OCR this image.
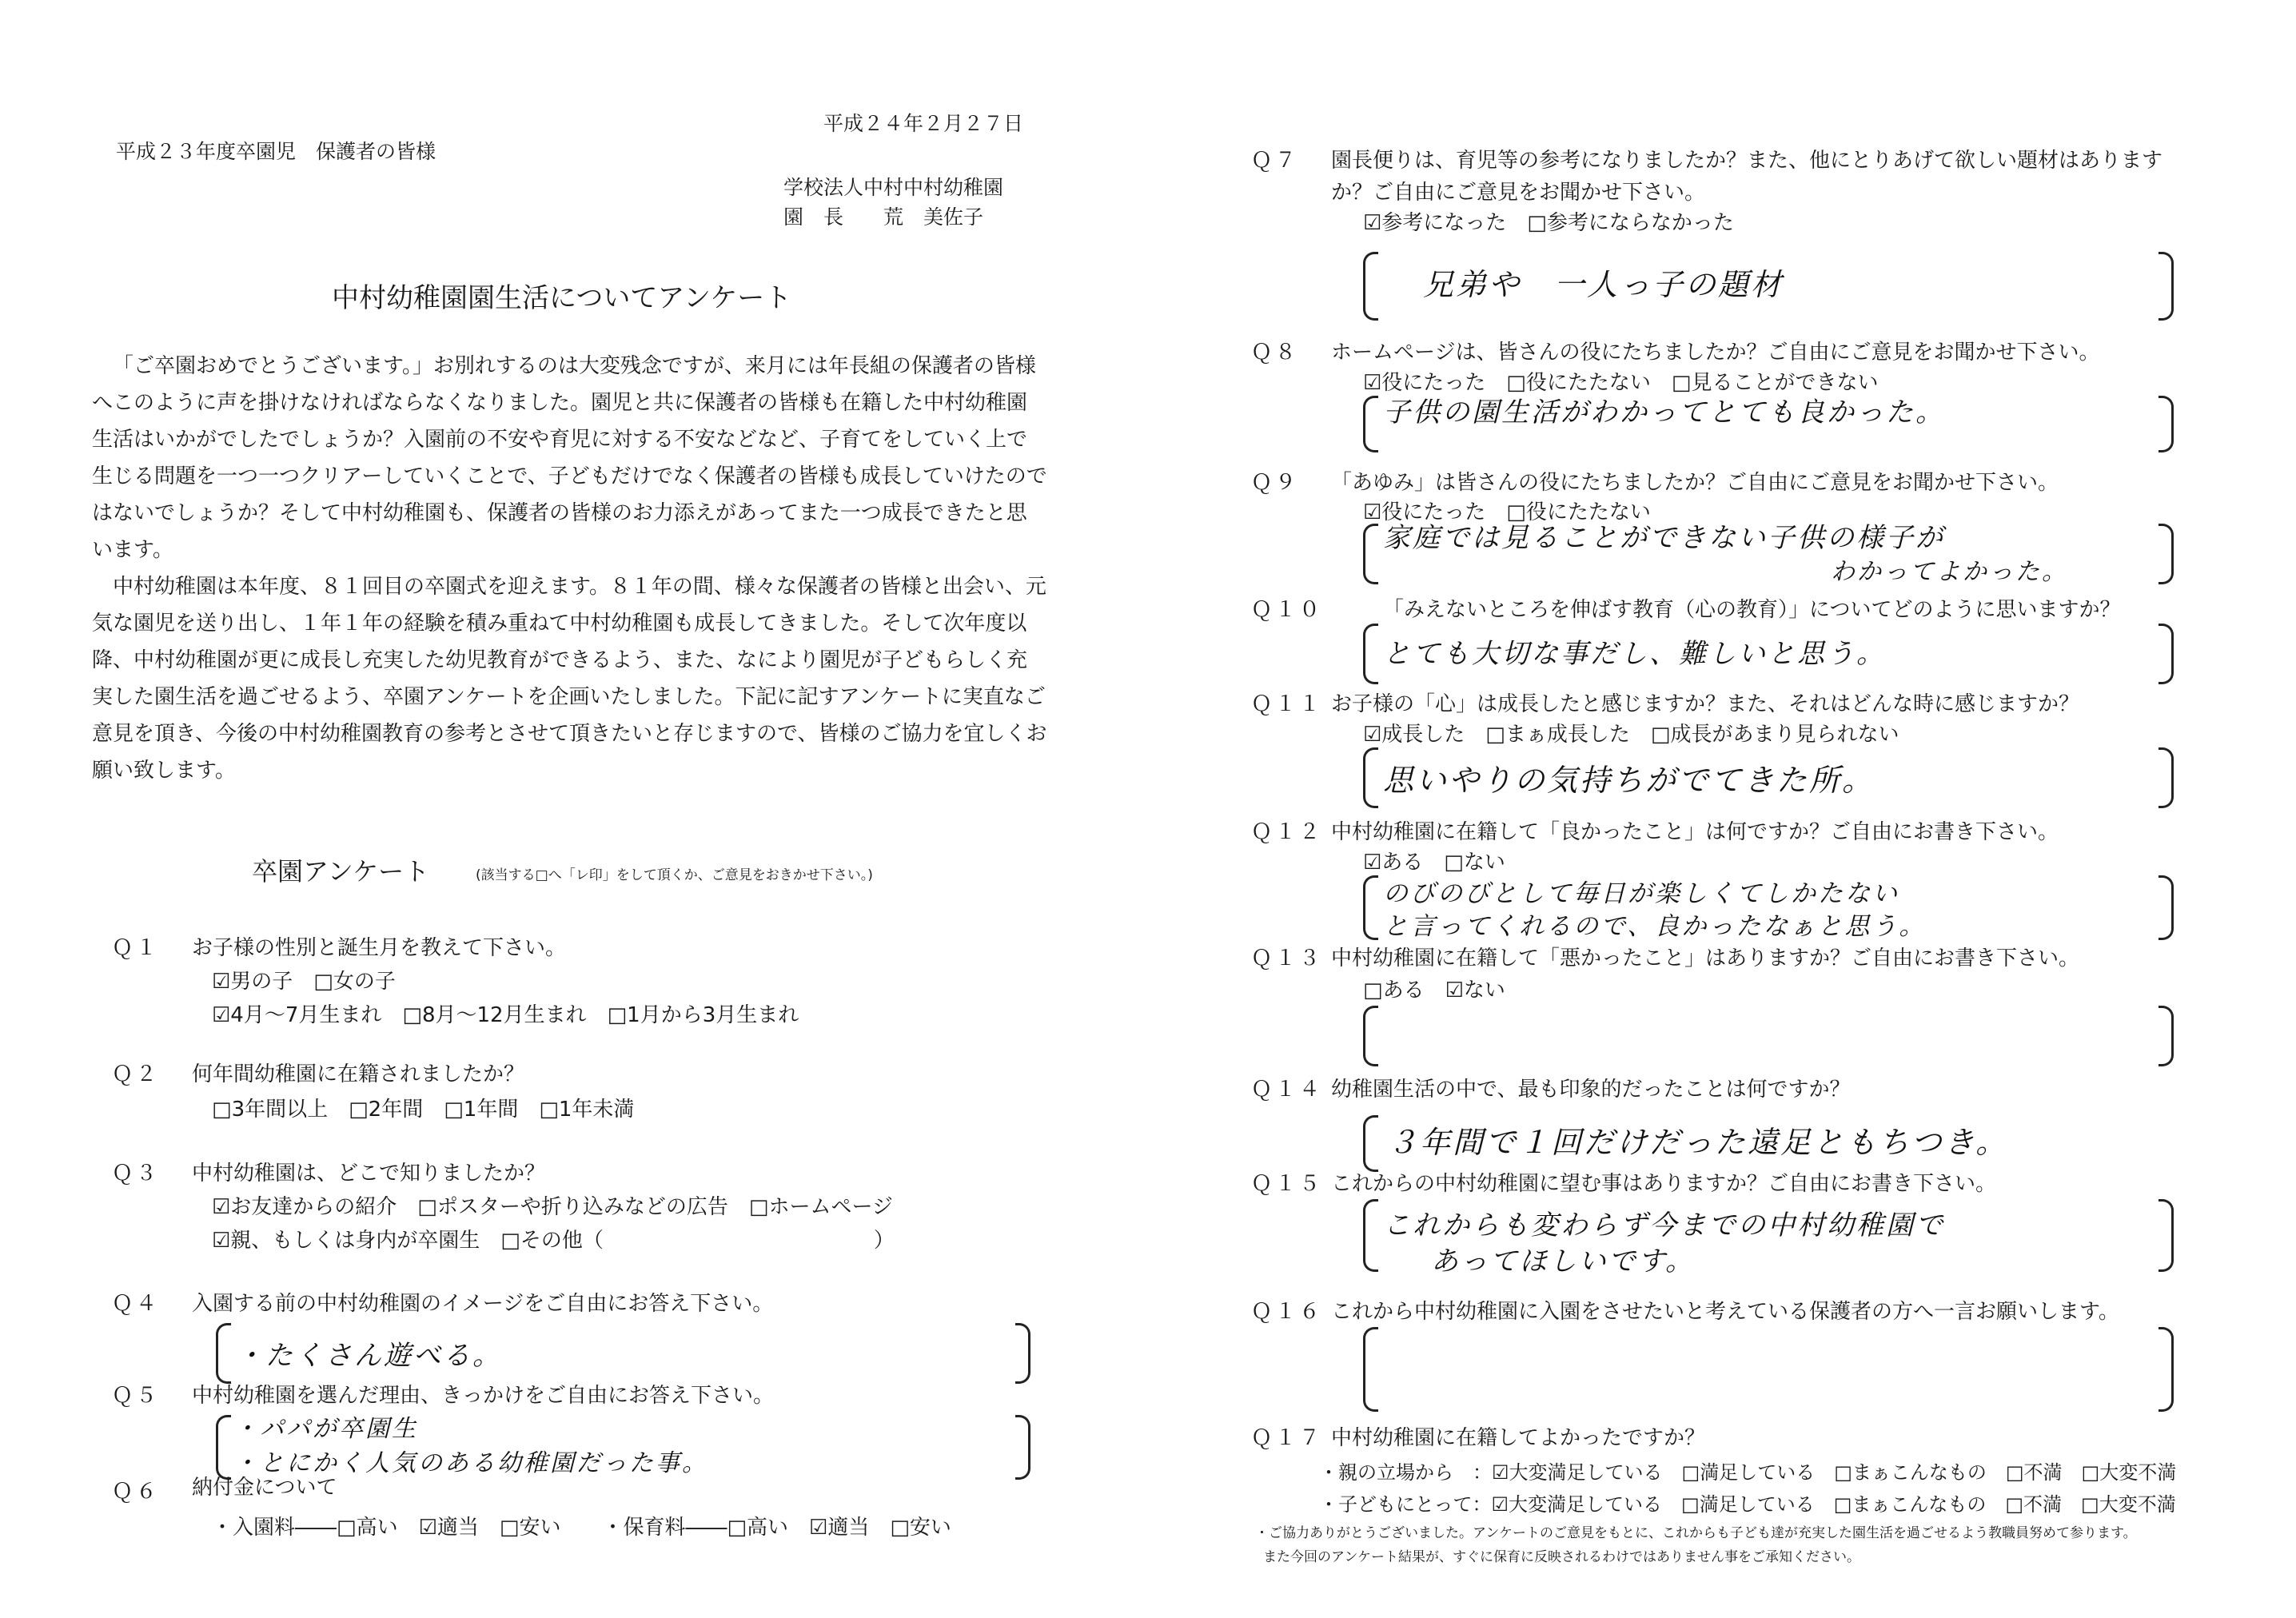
平成２４年２月２７日
平成２３年度卒園児　保護者の皆様
学校法人中村中村幼稚園
園　長　　荒　美佐子
中村幼稚園園生活についてアンケート

「ご卒園おめでとうございます。」お別れするのは大変残念ですが、来月には年長組の保護者の皆様へこのように声を掛けなければならなくなりました。園児と共に保護者の皆様も在籍した中村幼稚園生活はいかがでしたでしょうか？入園前の不安や育児に対する不安などなど、子育てをしていく上で生じる問題を一つ一つクリアーしていくことで、子どもだけでなく保護者の皆様も成長していけたのではないでしょうか？そして中村幼稚園も、保護者の皆様のお力添えがあってまた一つ成長できたと思います。

中村幼稚園は本年度、８１回目の卒園式を迎えます。８１年の間、様々な保護者の皆様と出会い、元気な園児を送り出し、１年１年の経験を積み重ねて中村幼稚園も成長してきました。そして次年度以降、中村幼稚園が更に成長し充実した幼児教育ができるよう、また、なにより園児が子どもらしく充実した園生活を過ごせるよう、卒園アンケートを企画いたしました。下記に記すアンケートに実直なご意見を頂き、今後の中村幼稚園教育の参考とさせて頂きたいと存じますので、皆様のご協力を宜しくお願い致します。

卒園アンケート	(該当する□へ「レ印」をして頂くか、ご意見をおきかせ下さい。)
Ｑ１ お子様の性別と誕生月を教えて下さい。
☑男の子　□女の子
☑4月～7月生まれ　□8月～12月生まれ　□1月から3月生まれ
Ｑ２ 何年間幼稚園に在籍されましたか？
□3年間以上　□2年間　□1年間　□1年未満
Ｑ３ 中村幼稚園は、どこで知りましたか？
☑お友達からの紹介　□ポスターや折り込みなどの広告　□ホームページ
☑親、もしくは身内が卒園生　□その他（　　　　　　　　　　　　　）
Ｑ４ 入園する前の中村幼稚園のイメージをご自由にお答え下さい。
・たくさん遊べる。
Ｑ５ 中村幼稚園を選んだ理由、きっかけをご自由にお答え下さい。
・パパが卒園生
・とにかく人気のある幼稚園だった事。
Ｑ６ 納付金について
・入園料――□高い　☑適当　□安い　　・保育料――□高い　☑適当　□安い
Ｑ７ 園長便りは、育児等の参考になりましたか？また、他にとりあげて欲しい題材はあります
か？ご自由にご意見をお聞かせ下さい。
☑参考になった　□参考にならなかった
兄弟や　一人っ子の題材
Ｑ８ ホームページは、皆さんの役にたちましたか？ご自由にご意見をお聞かせ下さい。
☑役にたった　□役にたたない　□見ることができない
子供の園生活がわかってとても良かった。
Ｑ９ 「あゆみ」は皆さんの役にたちましたか？ご自由にご意見をお聞かせ下さい。
☑役にたった　□役にたたない
家庭では見ることができない子供の様子が
わかってよかった。
Ｑ１０	「みえないところを伸ばす教育（心の教育）」についてどのように思いますか？
とても大切な事だし、難しいと思う。
Ｑ１１ お子様の「心」は成長したと感じますか？また、それはどんな時に感じますか？
☑成長した　□まぁ成長した　□成長があまり見られない
思いやりの気持ちがでてきた所。
Ｑ１２ 中村幼稚園に在籍して「良かったこと」は何ですか？ご自由にお書き下さい。
☑ある　□ない
のびのびとして毎日が楽しくてしかたない
と言ってくれるので、良かったなぁと思う。
Ｑ１３ 中村幼稚園に在籍して「悪かったこと」はありますか？ご自由にお書き下さい。
□ある　☑ない
Ｑ１４ 幼稚園生活の中で、最も印象的だったことは何ですか？
３年間で１回だけだった遠足ともちつき。
Ｑ１５ これからの中村幼稚園に望む事はありますか？ご自由にお書き下さい。
これからも変わらず今までの中村幼稚園で
あってほしいです。
Ｑ１６ これから中村幼稚園に入園をさせたいと考えている保護者の方へ一言お願いします。
Ｑ１７ 中村幼稚園に在籍してよかったですか？
・親の立場から　：☑大変満足している　□満足している　□まぁこんなもの　□不満　□大変不満
・子どもにとって：☑大変満足している　□満足している　□まぁこんなもの　□不満　□大変不満
・ご協力ありがとうございました。アンケートのご意見をもとに、これからも子ども達が充実した園生活を過ごせるよう教職員努めて参ります。
また今回のアンケート結果が、すぐに保育に反映されるわけではありません事をご承知ください。
